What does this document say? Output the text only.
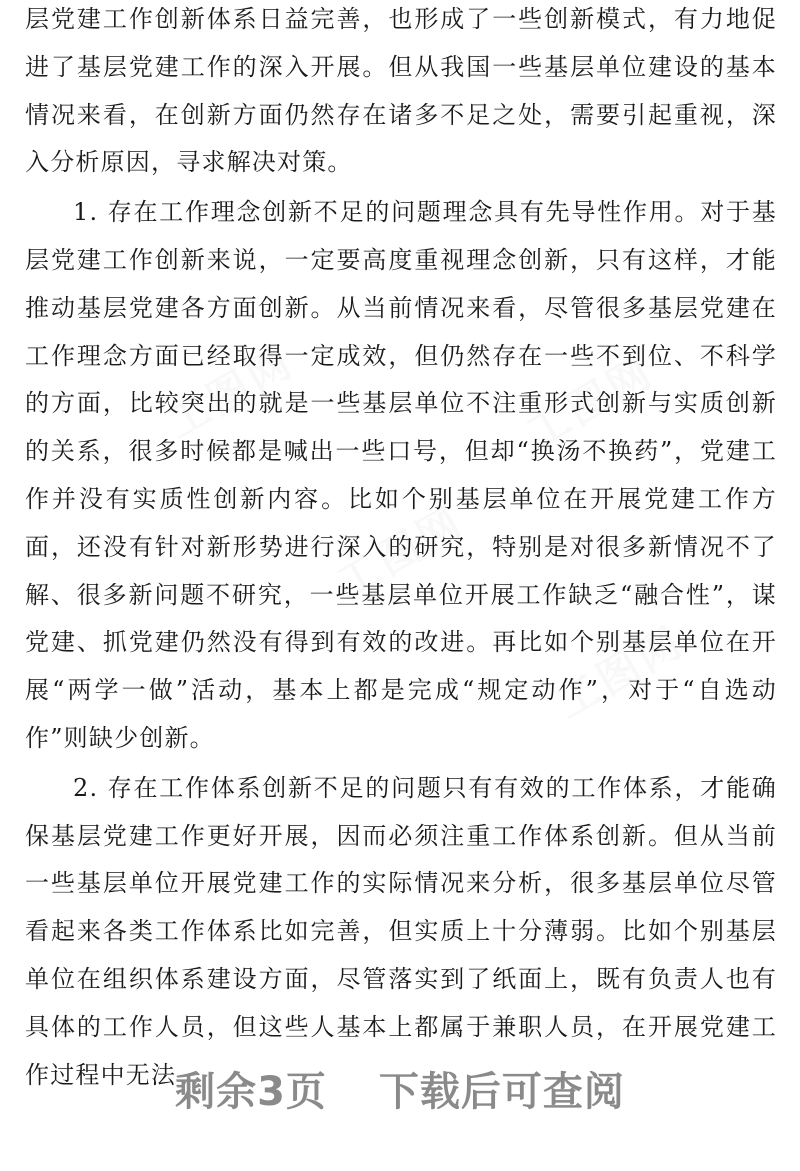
工图网	工图网
工图网
工图网

层党建工作创新体系日益完善，也形成了一些创新模式，有力地促进了基层党建工作的深入开展。但从我国一些基层单位建设的基本情况来看，在创新方面仍然存在诸多不足之处，需要引起重视，深入分析原因，寻求解决对策。

1. 存在工作理念创新不足的问题理念具有先导性作用。对于基层党建工作创新来说，一定要高度重视理念创新，只有这样，才能推动基层党建各方面创新。从当前情况来看，尽管很多基层党建在工作理念方面已经取得一定成效，但仍然存在一些不到位、不科学的方面，比较突出的就是一些基层单位不注重形式创新与实质创新的关系，很多时候都是喊出一些口号，但却“换汤不换药”，党建工作并没有实质性创新内容。比如个别基层单位在开展党建工作方面，还没有针对新形势进行深入的研究，特别是对很多新情况不了解、很多新问题不研究，一些基层单位开展工作缺乏“融合性”，谋党建、抓党建仍然没有得到有效的改进。再比如个别基层单位在开展“两学一做”活动，基本上都是完成“规定动作”，对于“自选动作”则缺少创新。

2. 存在工作体系创新不足的问题只有有效的工作体系，才能确保基层党建工作更好开展，因而必须注重工作体系创新。但从当前一些基层单位开展党建工作的实际情况来分析，很多基层单位尽管看起来各类工作体系比如完善，但实质上十分薄弱。比如个别基层单位在组织体系建设方面，尽管落实到了纸面上，既有负责人也有具体的工作人员，但这些人基本上都属于兼职人员，在开展党建工作过程中无法

剩余3页 下载后可查阅
